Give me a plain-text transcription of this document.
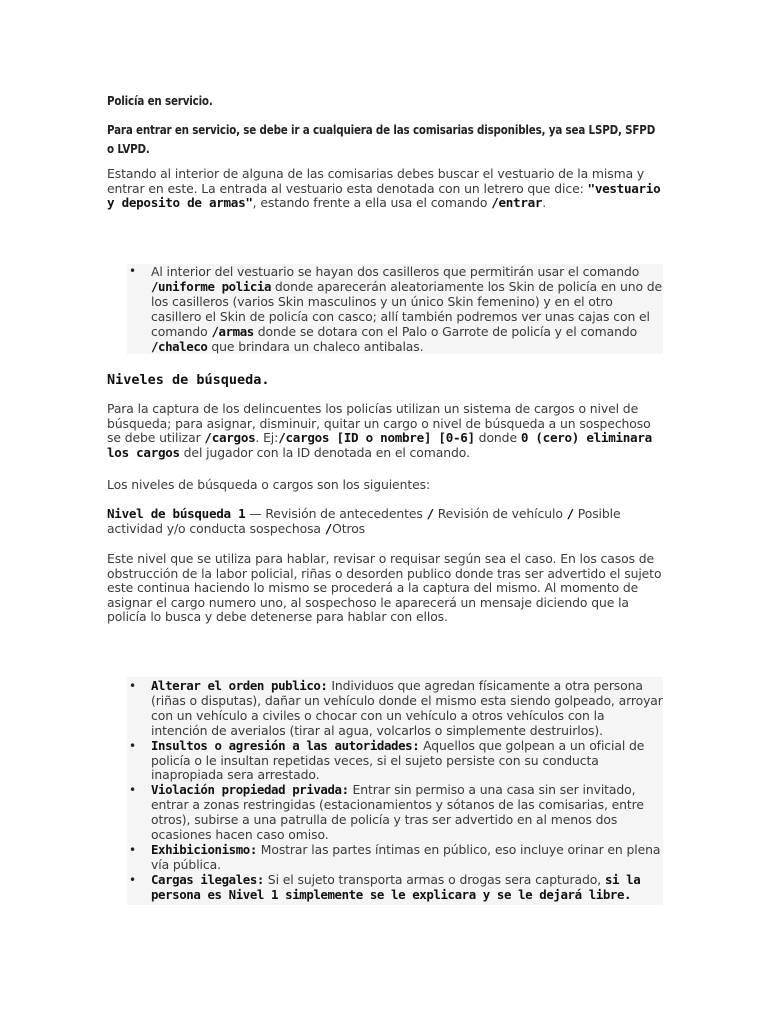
Policía en servicio.
Para entrar en servicio, se debe ir a cualquiera de las comisarias disponibles, ya sea LSPD, SFPD o LVPD.

Estando al interior de alguna de las comisarias debes buscar el vestuario de la misma y entrar en este. La entrada al vestuario esta denotada con un letrero que dice: "vestuario y deposito de armas", estando frente a ella usa el comando /entrar.

• Al interior del vestuario se hayan dos casilleros que permitirán usar el comando /uniforme policia donde aparecerán aleatoriamente los Skin de policía en uno de los casilleros (varios Skin masculinos y un único Skin femenino) y en el otro casillero el Skin de policía con casco; allí también podremos ver unas cajas con el comando /armas donde se dotara con el Palo o Garrote de policía y el comando /chaleco que brindara un chaleco antibalas.
Niveles de búsqueda.

Para la captura de los delincuentes los policías utilizan un sistema de cargos o nivel de búsqueda; para asignar, disminuir, quitar un cargo o nivel de búsqueda a un sospechoso se debe utilizar /cargos. Ej:/cargos [ID o nombre] [0-6] donde 0 (cero) eliminara los cargos del jugador con la ID denotada en el comando.

Los niveles de búsqueda o cargos son los siguientes:

Nivel de búsqueda 1 — Revisión de antecedentes / Revisión de vehículo / Posible actividad y/o conducta sospechosa /Otros

Este nivel que se utiliza para hablar, revisar o requisar según sea el caso. En los casos de obstrucción de la labor policial, riñas o desorden publico donde tras ser advertido el sujeto este continua haciendo lo mismo se procederá a la captura del mismo. Al momento de asignar el cargo numero uno, al sospechoso le aparecerá un mensaje diciendo que la policía lo busca y debe detenerse para hablar con ellos.

• Alterar el orden publico: Individuos que agredan físicamente a otra persona (riñas o disputas), dañar un vehículo donde el mismo esta siendo golpeado, arroyar con un vehículo a civiles o chocar con un vehículo a otros vehículos con la intención de averialos (tirar al agua, volcarlos o simplemente destruirlos).
• Insultos o agresión a las autoridades: Aquellos que golpean a un oficial de policía o le insultan repetidas veces, si el sujeto persiste con su conducta inapropiada sera arrestado.
• Violación propiedad privada: Entrar sin permiso a una casa sin ser invitado, entrar a zonas restringidas (estacionamientos y sótanos de las comisarias, entre otros), subirse a una patrulla de policía y tras ser advertido en al menos dos ocasiones hacen caso omiso.
• Exhibicionismo: Mostrar las partes íntimas en público, eso incluye orinar en plena vía pública.
• Cargas ilegales: Si el sujeto transporta armas o drogas sera capturado, si la persona es Nivel 1 simplemente se le explicara y se le dejará libre.
